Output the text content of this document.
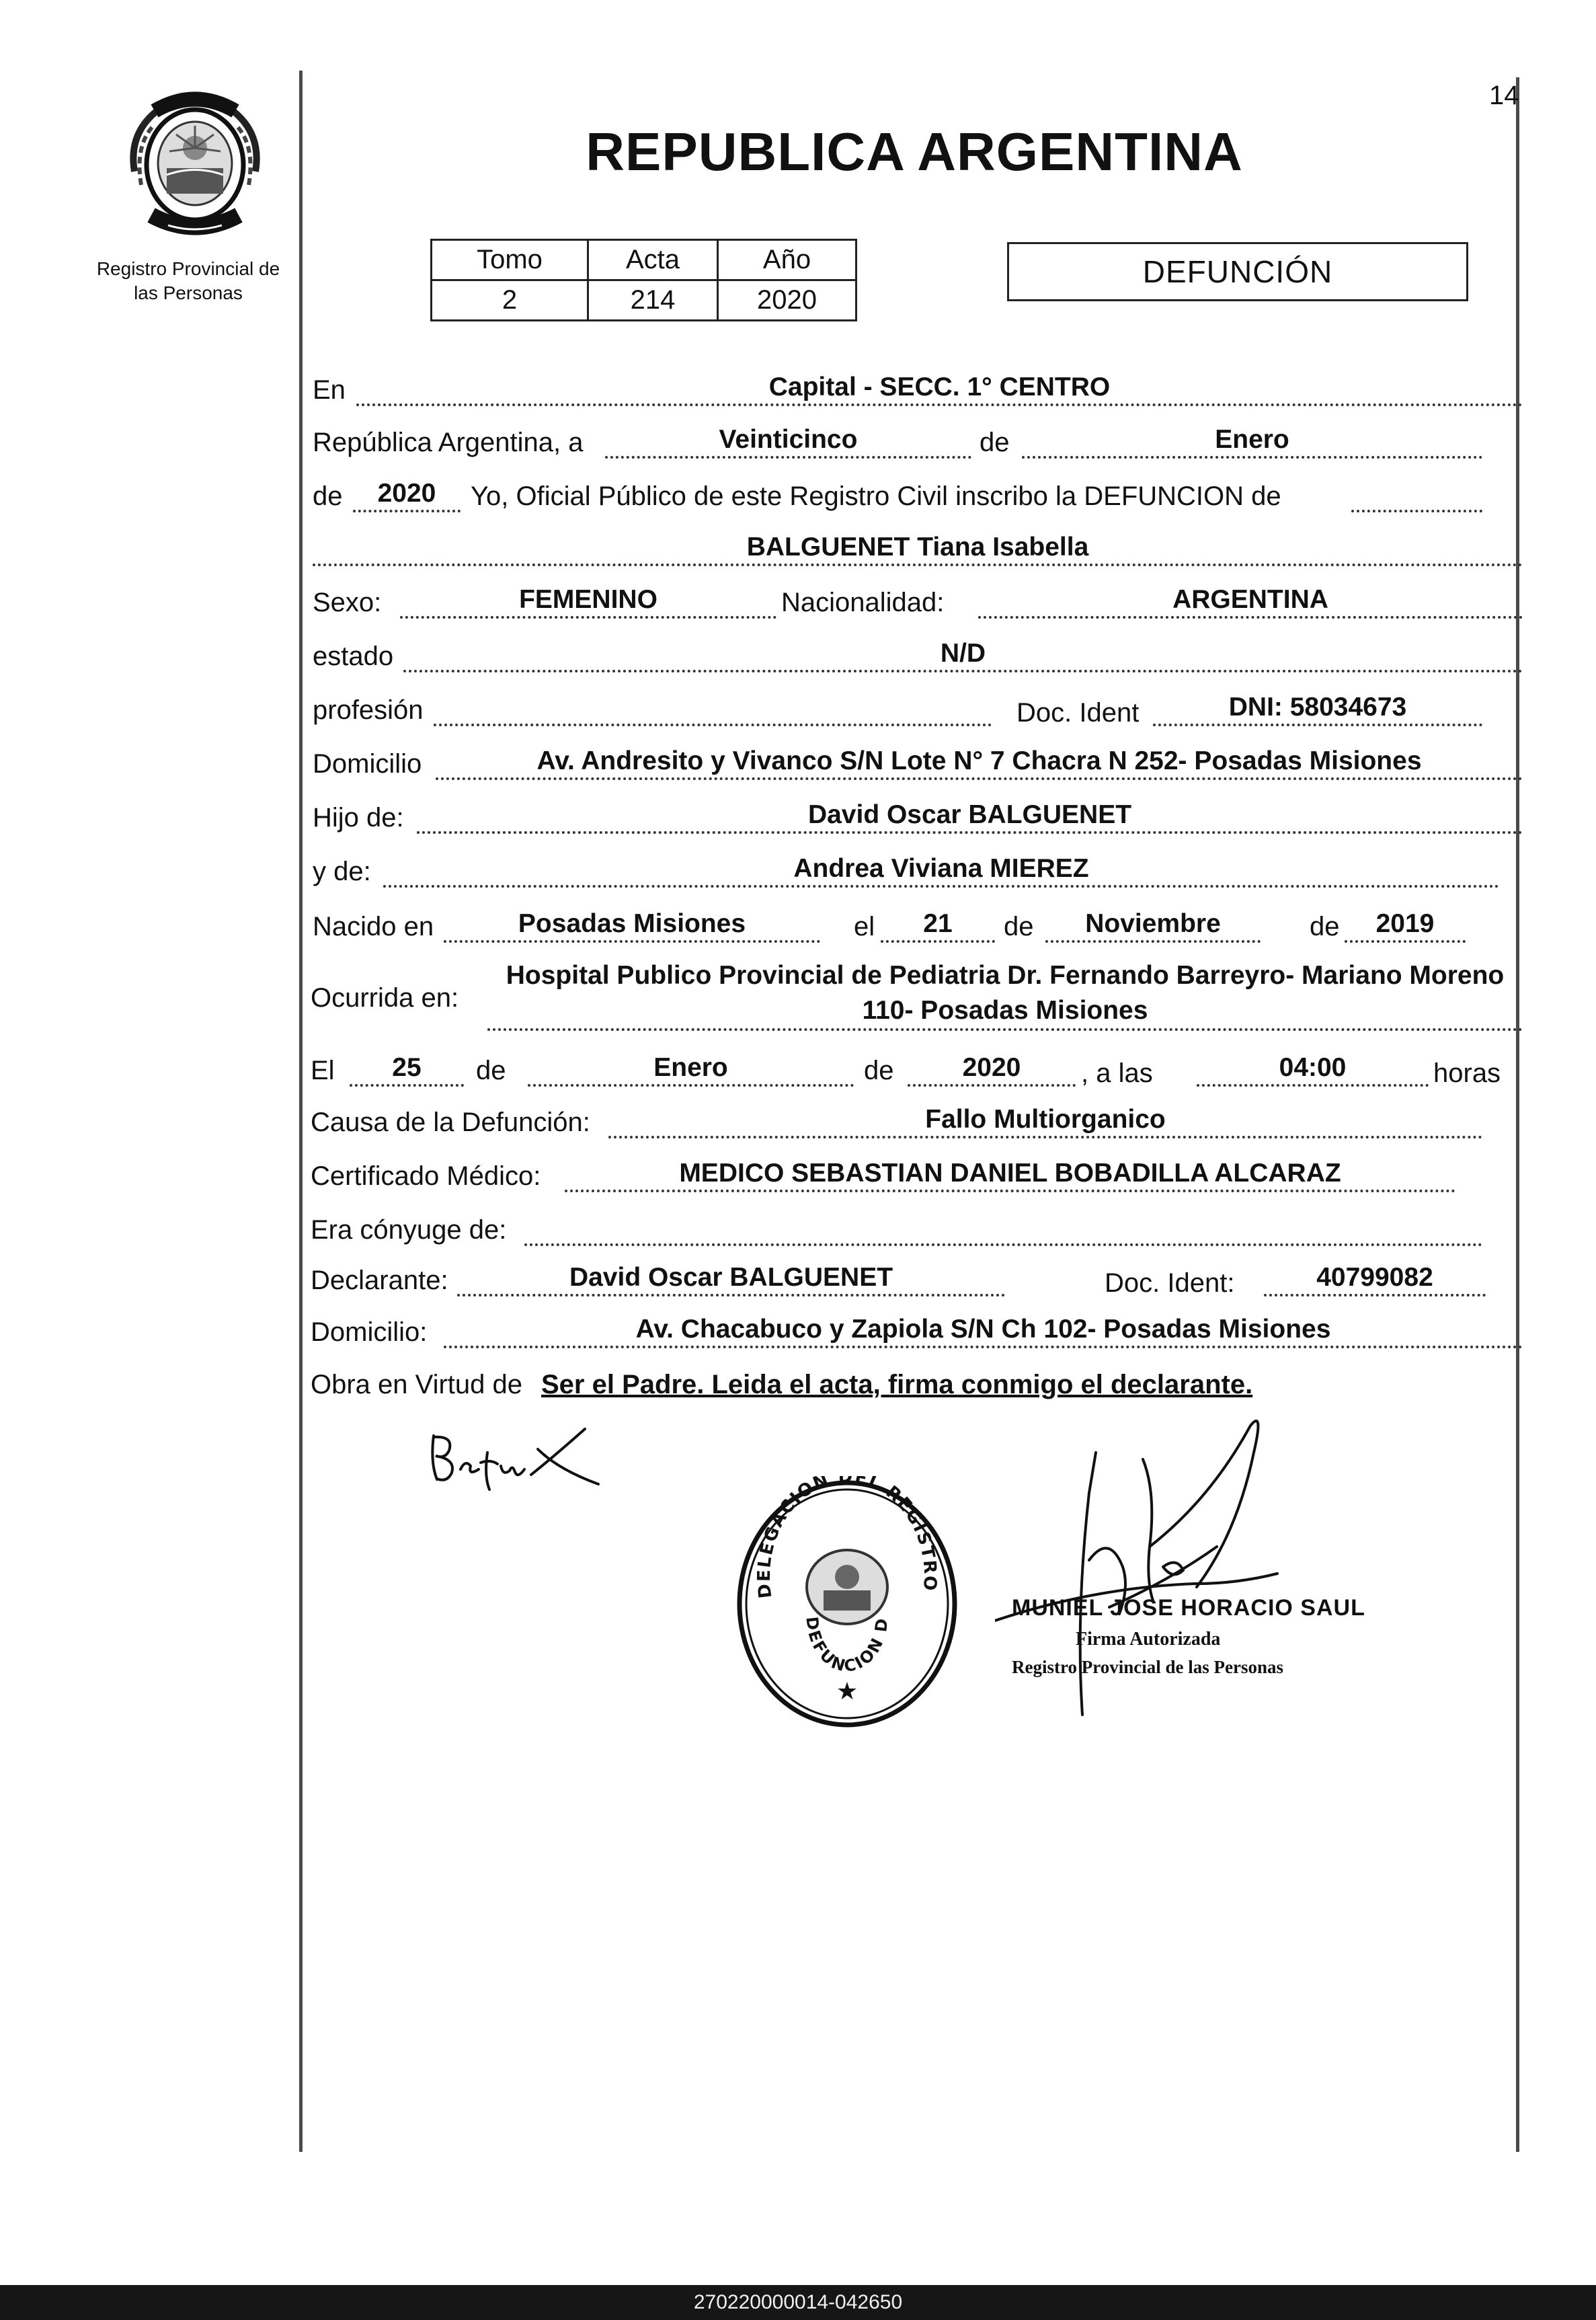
14
Registro Provincial de
las Personas
REPUBLICA ARGENTINA
Tomo	Acta	Año
2	214	2020
DEFUNCIÓN
En	Capital - SECC. 1° CENTRO
República Argentina, a	Veinticinco	de	Enero
de	2020	Yo, Oficial Público de este Registro Civil inscribo la DEFUNCION de
BALGUENET Tiana Isabella
Sexo:	FEMENINO	Nacionalidad:	ARGENTINA
estado	N/D
profesión	Doc. Ident	DNI: 58034673
Domicilio	Av. Andresito y Vivanco S/N Lote N° 7 Chacra N 252- Posadas Misiones
Hijo de:	David Oscar BALGUENET
y de:	Andrea Viviana MIEREZ
Nacido en	Posadas Misiones	el	21	de	Noviembre	de	2019
Ocurrida en:
Hospital Publico Provincial de Pediatria Dr. Fernando Barreyro- Mariano Moreno 110- Posadas Misiones
El	25	de	Enero	de	2020	, a las	04:00	horas
Causa de la Defunción:	Fallo Multiorganico
Certificado Médico:	MEDICO SEBASTIAN DANIEL BOBADILLA ALCARAZ
Era cónyuge de:
Declarante:	David Oscar BALGUENET	Doc. Ident:	40799082
Domicilio:	Av. Chacabuco y Zapiola S/N Ch 102- Posadas Misiones
Obra en Virtud de Ser el Padre. Leida el acta, firma conmigo el declarante.
DELEGACION DEL REGISTRO
DEFUNCION D
★
MUNIEL JOSE HORACIO SAUL
Firma Autorizada
Registro Provincial de las Personas
270220000014-042650
